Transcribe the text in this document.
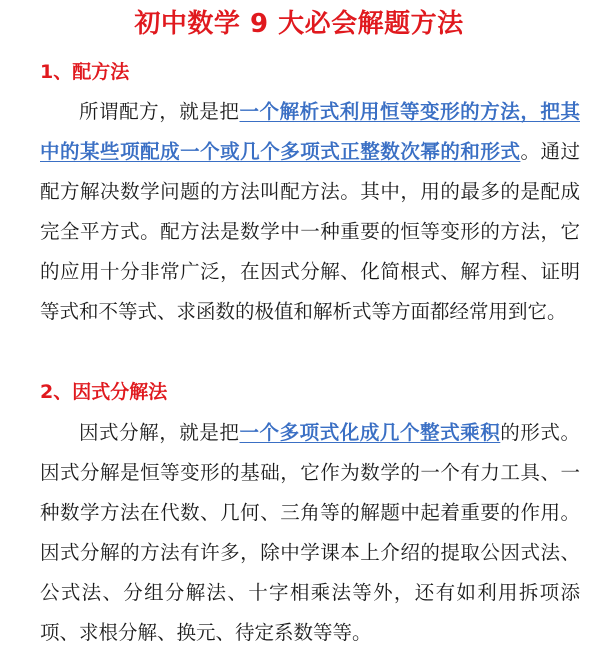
初中数学 9 大必会解题方法
1、配方法
所谓配方，就是把一个解析式利用恒等变形的方法，把其中的某些项配成一个或几个多项式正整数次幂的和形式。通过配方解决数学问题的方法叫配方法。其中，用的最多的是配成完全平方式。配方法是数学中一种重要的恒等变形的方法，它的应用十分非常广泛，在因式分解、化简根式、解方程、证明等式和不等式、求函数的极值和解析式等方面都经常用到它。
2、因式分解法
因式分解，就是把一个多项式化成几个整式乘积的形式。因式分解是恒等变形的基础，它作为数学的一个有力工具、一种数学方法在代数、几何、三角等的解题中起着重要的作用。因式分解的方法有许多，除中学课本上介绍的提取公因式法、公式法、分组分解法、十字相乘法等外，还有如利用拆项添项、求根分解、换元、待定系数等等。
